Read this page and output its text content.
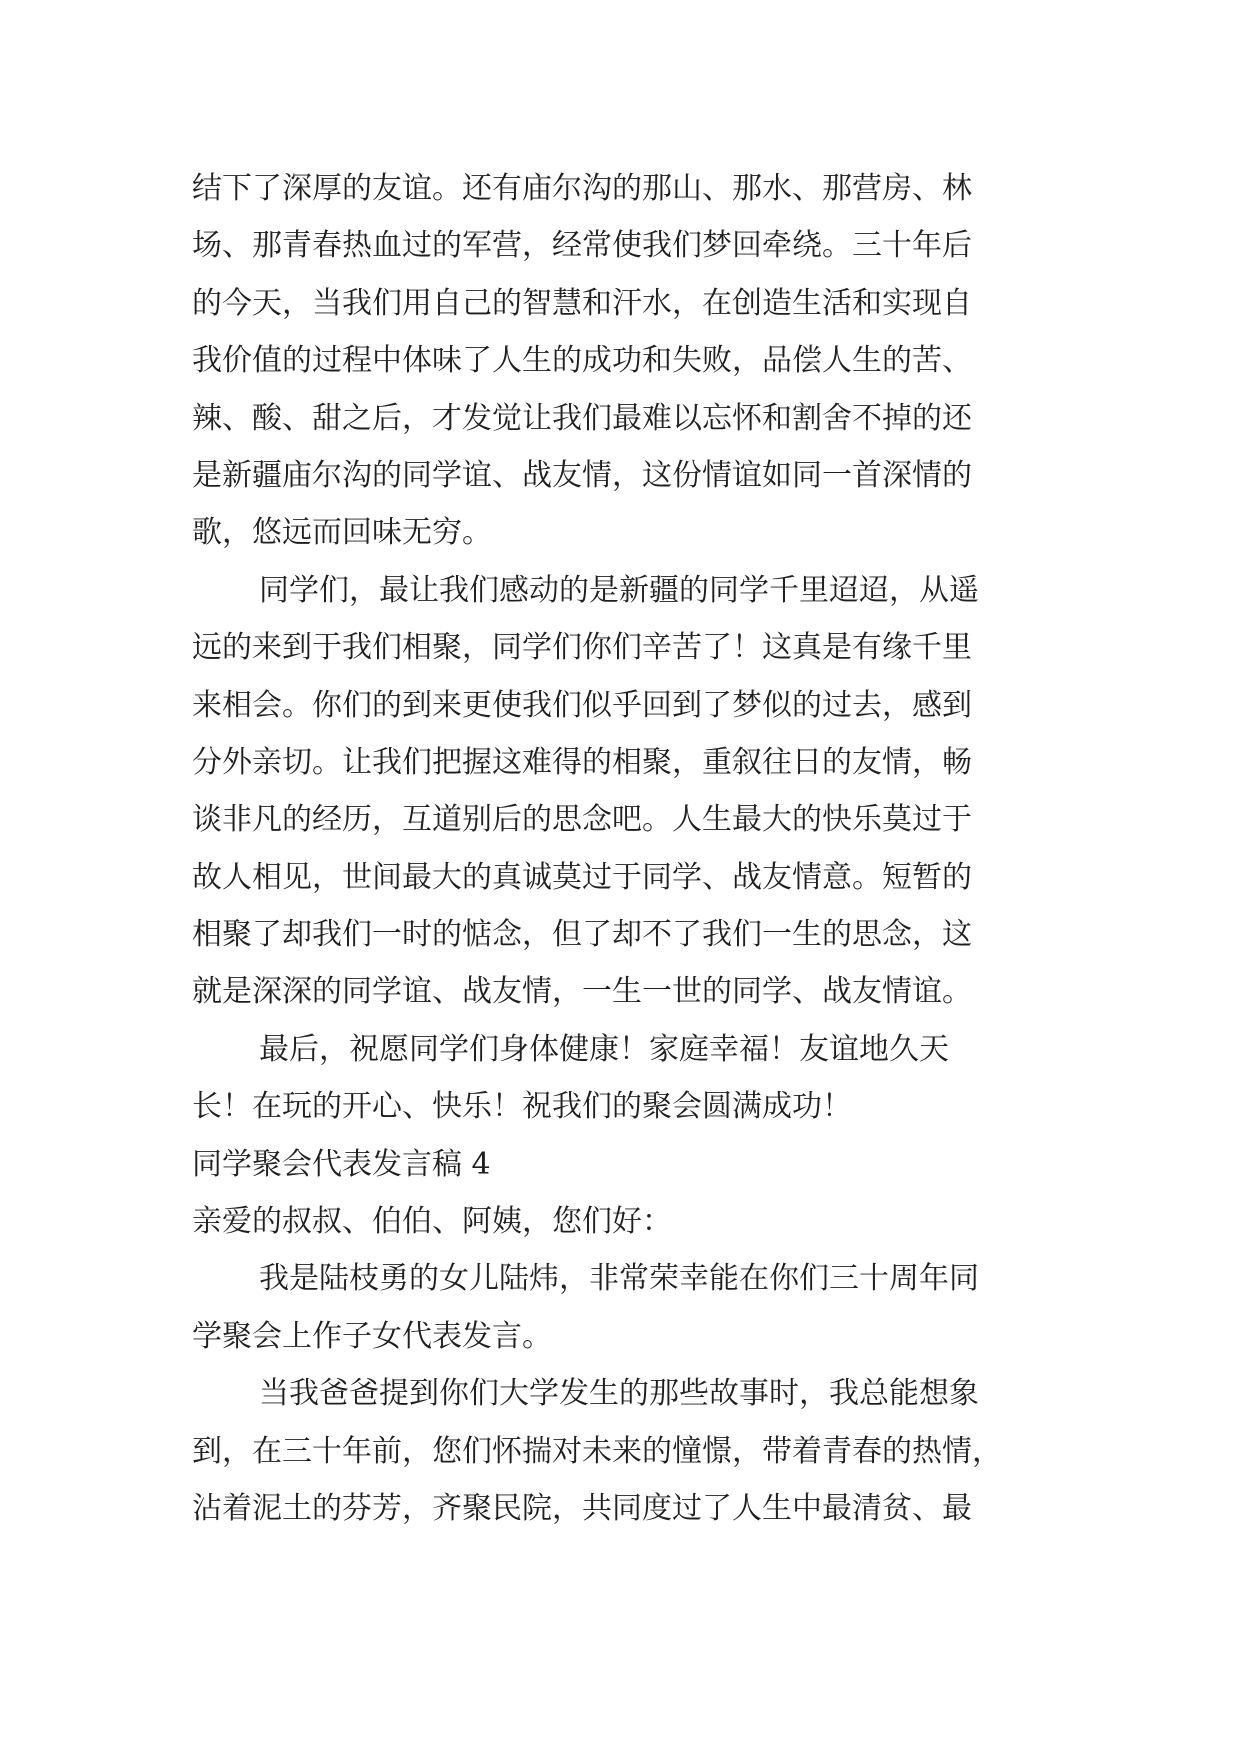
结下了深厚的友谊。还有庙尔沟的那山、那水、那营房、林
场、那青春热血过的军营，经常使我们梦回牵绕。三十年后
的今天，当我们用自己的智慧和汗水，在创造生活和实现自
我价值的过程中体味了人生的成功和失败，品偿人生的苦、
辣、酸、甜之后，才发觉让我们最难以忘怀和割舍不掉的还
是新疆庙尔沟的同学谊、战友情，这份情谊如同一首深情的
歌，悠远而回味无穷。
同学们，最让我们感动的是新疆的同学千里迢迢，从遥
远的来到于我们相聚，同学们你们辛苦了！这真是有缘千里
来相会。你们的到来更使我们似乎回到了梦似的过去，感到
分外亲切。让我们把握这难得的相聚，重叙往日的友情，畅
谈非凡的经历，互道别后的思念吧。人生最大的快乐莫过于
故人相见，世间最大的真诚莫过于同学、战友情意。短暂的
相聚了却我们一时的惦念，但了却不了我们一生的思念，这
就是深深的同学谊、战友情，一生一世的同学、战友情谊。
最后，祝愿同学们身体健康！家庭幸福！友谊地久天
长！在玩的开心、快乐！祝我们的聚会圆满成功！
同学聚会代表发言稿 4
亲爱的叔叔、伯伯、阿姨，您们好：
我是陆枝勇的女儿陆炜，非常荣幸能在你们三十周年同
学聚会上作子女代表发言。
当我爸爸提到你们大学发生的那些故事时，我总能想象
到，在三十年前，您们怀揣对未来的憧憬，带着青春的热情，
沾着泥土的芬芳，齐聚民院，共同度过了人生中最清贫、最
